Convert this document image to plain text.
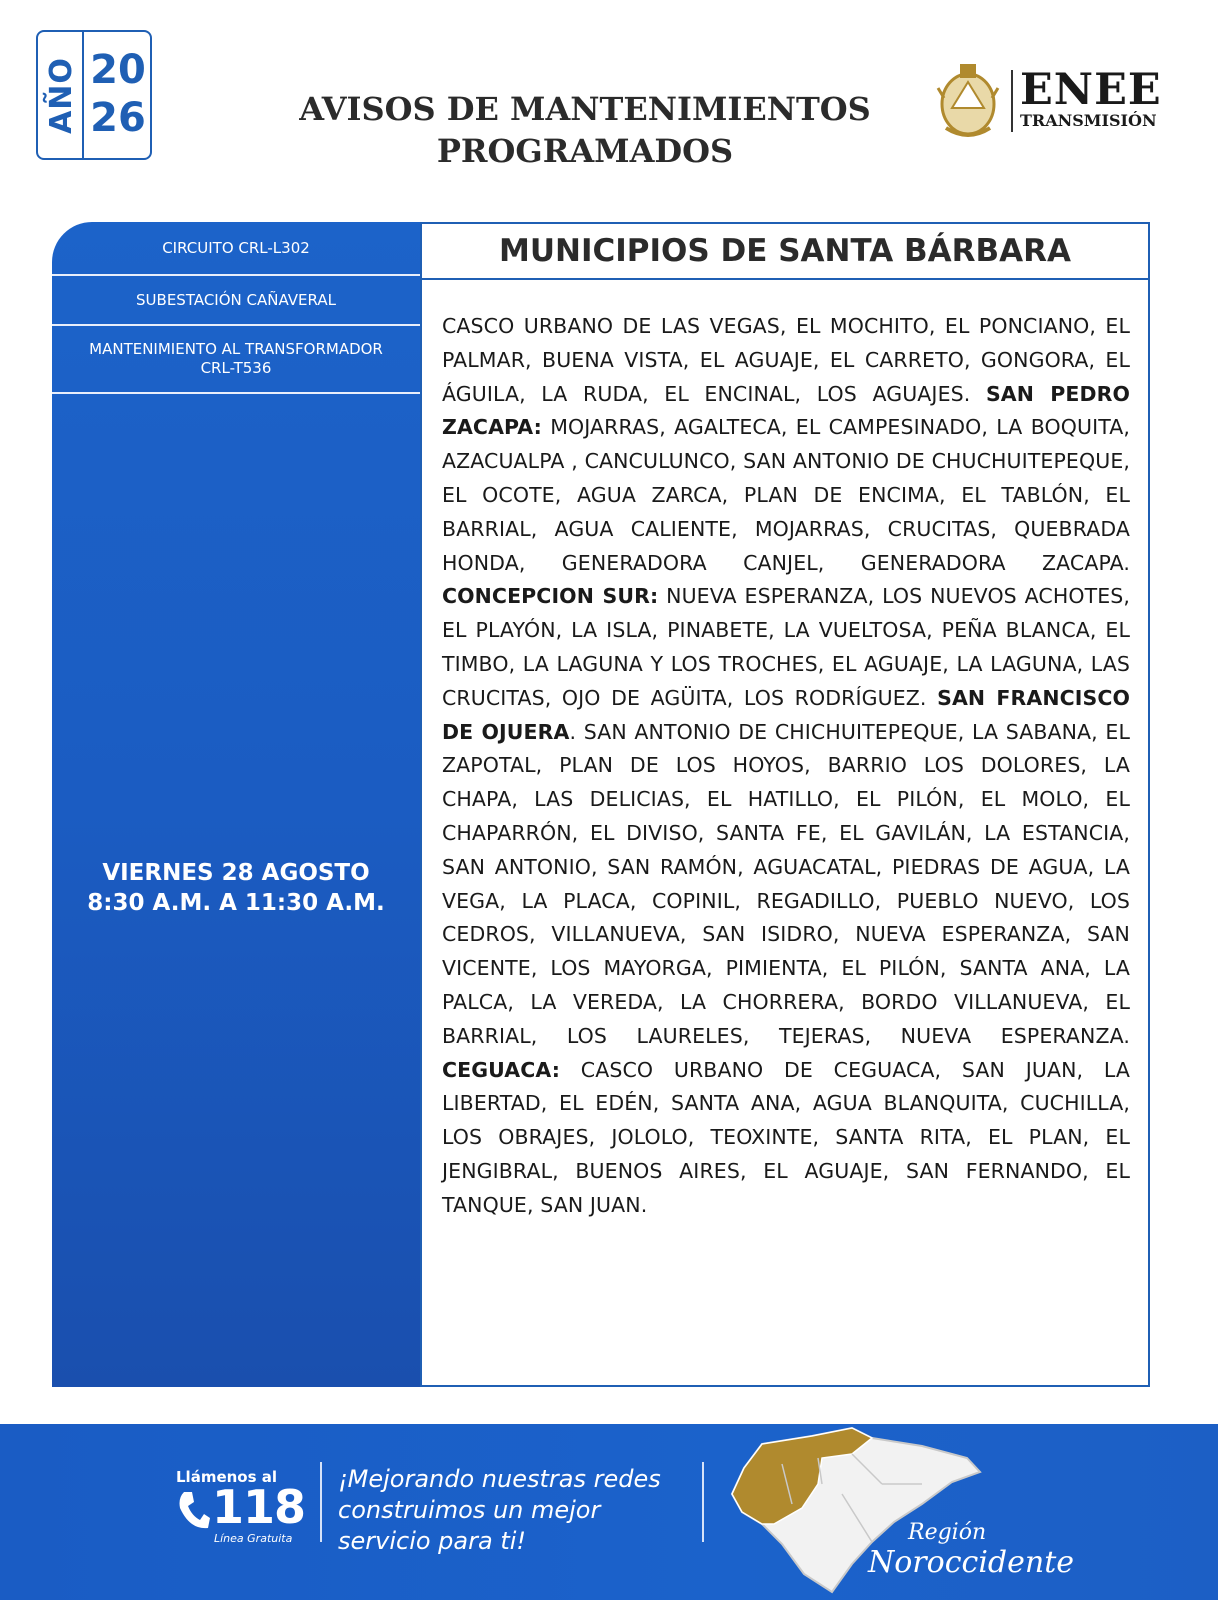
AÑO 20
26	AVISOS DE MANTENIMIENTOS
PROGRAMADOS
ENEE
TRANSMISIÓN
CIRCUITO CRL-L302
SUBESTACIÓN CAÑAVERAL
MANTENIMIENTO AL TRANSFORMADOR
CRL-T536
VIERNES 28 AGOSTO
8:30 A.M. A 11:30 A.M.
MUNICIPIOS DE SANTA BÁRBARA
CASCO URBANO DE LAS VEGAS, EL MOCHITO, EL PONCIANO, EL PALMAR, BUENA VISTA, EL AGUAJE, EL CARRETO, GONGORA, EL ÁGUILA, LA RUDA, EL ENCINAL, LOS AGUAJES. SAN PEDRO ZACAPA: MOJARRAS, AGALTECA, EL CAMPESINADO, LA BOQUITA, AZACUALPA , CANCULUNCO, SAN ANTONIO DE CHUCHUITEPEQUE, EL OCOTE, AGUA ZARCA, PLAN DE ENCIMA, EL TABLÓN, EL BARRIAL, AGUA CALIENTE, MOJARRAS, CRUCITAS, QUEBRADA HONDA, GENERADORA CANJEL, GENERADORA ZACAPA. CONCEPCION SUR: NUEVA ESPERANZA, LOS NUEVOS ACHOTES, EL PLAYÓN, LA ISLA, PINABETE, LA VUELTOSA, PEÑA BLANCA, EL TIMBO, LA LAGUNA Y LOS TROCHES, EL AGUAJE, LA LAGUNA, LAS CRUCITAS, OJO DE AGÜITA, LOS RODRÍGUEZ. SAN FRANCISCO DE OJUERA. SAN ANTONIO DE CHICHUITEPEQUE, LA SABANA, EL ZAPOTAL, PLAN DE LOS HOYOS, BARRIO LOS DOLORES, LA CHAPA, LAS DELICIAS, EL HATILLO, EL PILÓN, EL MOLO, EL CHAPARRÓN, EL DIVISO, SANTA FE, EL GAVILÁN, LA ESTANCIA, SAN ANTONIO, SAN RAMÓN, AGUACATAL, PIEDRAS DE AGUA, LA VEGA, LA PLACA, COPINIL, REGADILLO, PUEBLO NUEVO, LOS CEDROS, VILLANUEVA, SAN ISIDRO, NUEVA ESPERANZA, SAN VICENTE, LOS MAYORGA, PIMIENTA, EL PILÓN, SANTA ANA, LA PALCA, LA VEREDA, LA CHORRERA, BORDO VILLANUEVA, EL BARRIAL, LOS LAURELES, TEJERAS, NUEVA ESPERANZA. CEGUACA: CASCO URBANO DE CEGUACA, SAN JUAN, LA LIBERTAD, EL EDÉN, SANTA ANA, AGUA BLANQUITA, CUCHILLA, LOS OBRAJES, JOLOLO, TEOXINTE, SANTA RITA, EL PLAN, EL JENGIBRAL, BUENOS AIRES, EL AGUAJE, SAN FERNANDO, EL TANQUE, SAN JUAN.
Llámenos al
118
Línea Gratuita
¡Mejorando nuestras redes
construimos un mejor
servicio para ti!	Región
Noroccidente
